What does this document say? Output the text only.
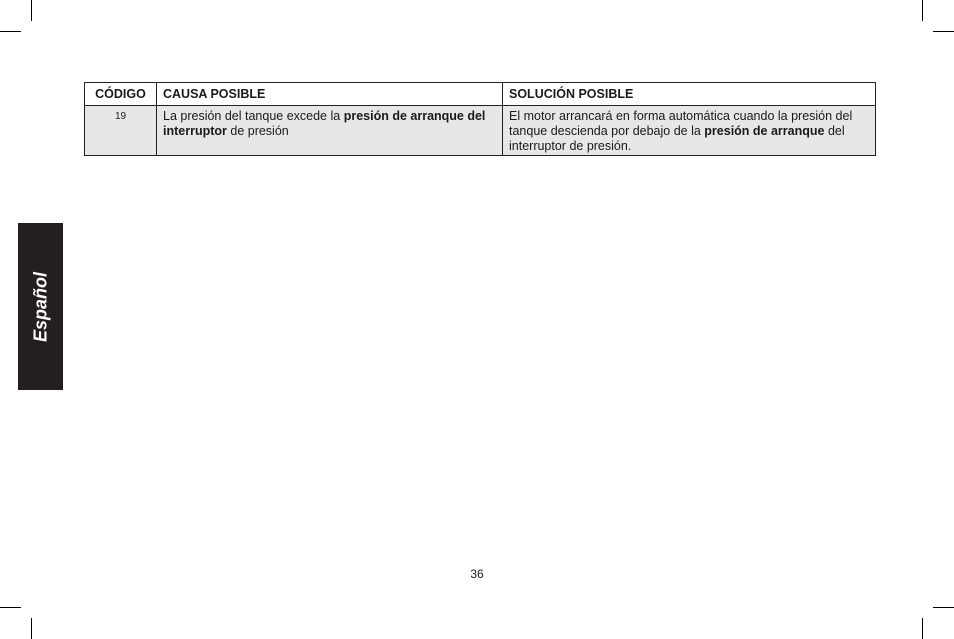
Español
CÓDIGO	CAUSA POSIBLE	SOLUCIÓN POSIBLE
19	La presión del tanque excede la presión de arranque del interruptor de presión	El motor arrancará en forma automática cuando la presión del tanque descienda por debajo de la presión de arranque del interruptor de presión.
36
